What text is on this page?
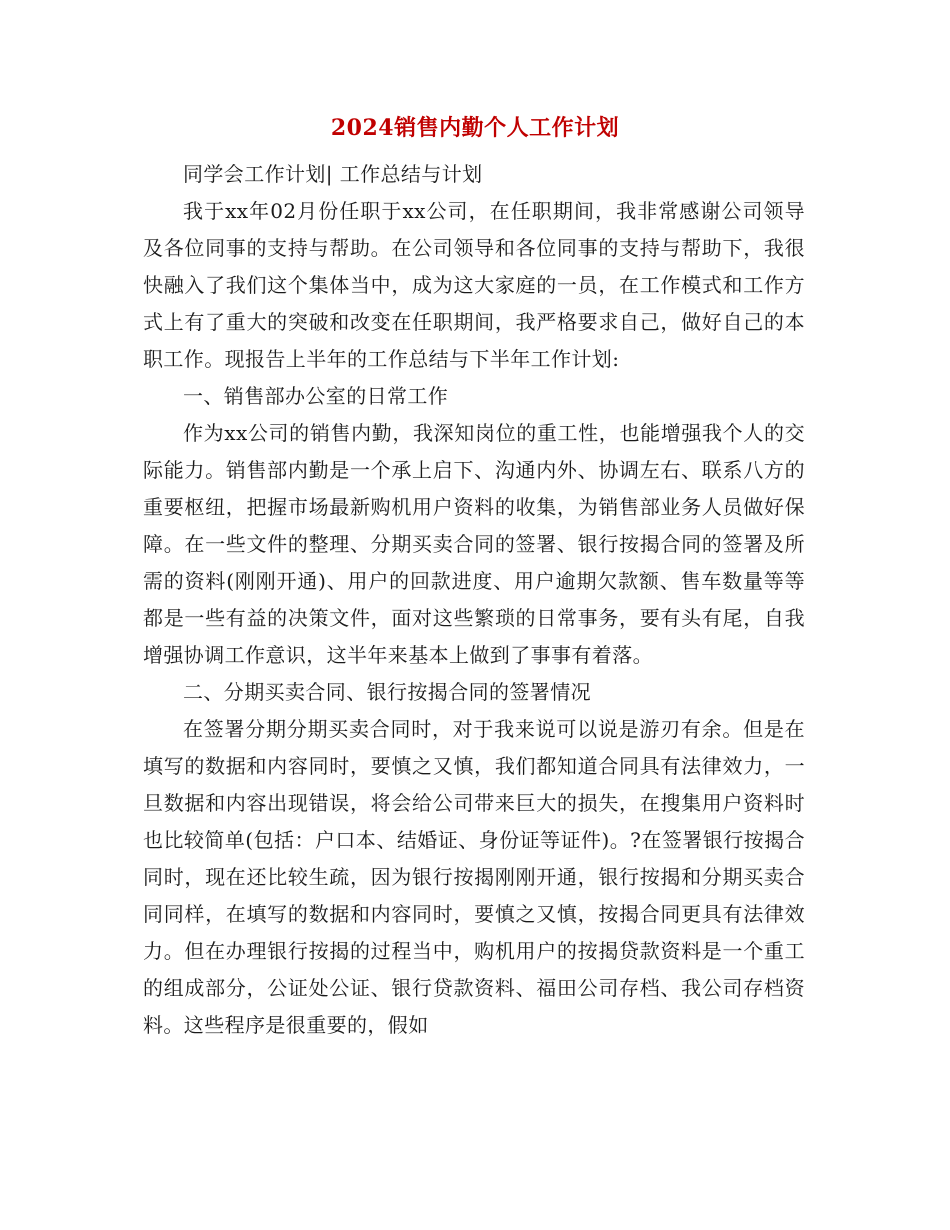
2024销售内勤个人工作计划

同学会工作计划| 工作总结与计划

我于xx年02月份任职于xx公司，在任职期间，我非常感谢公司领导及各位同事的支持与帮助。在公司领导和各位同事的支持与帮助下，我很快融入了我们这个集体当中，成为这大家庭的一员，在工作模式和工作方式上有了重大的突破和改变在任职期间，我严格要求自己，做好自己的本职工作。现报告上半年的工作总结与下半年工作计划:

一、销售部办公室的日常工作

作为xx公司的销售内勤，我深知岗位的重工性，也能增强我个人的交际能力。销售部内勤是一个承上启下、沟通内外、协调左右、联系八方的重要枢纽，把握市场最新购机用户资料的收集，为销售部业务人员做好保障。在一些文件的整理、分期买卖合同的签署、银行按揭合同的签署及所需的资料(刚刚开通)、用户的回款进度、用户逾期欠款额、售车数量等等都是一些有益的决策文件，面对这些繁琐的日常事务，要有头有尾，自我增强协调工作意识，这半年来基本上做到了事事有着落。

二、分期买卖合同、银行按揭合同的签署情况

在签署分期分期买卖合同时，对于我来说可以说是游刃有余。但是在填写的数据和内容同时，要慎之又慎，我们都知道合同具有法律效力，一旦数据和内容出现错误，将会给公司带来巨大的损失，在搜集用户资料时也比较简单(包括：户口本、结婚证、身份证等证件)。?在签署银行按揭合同时，现在还比较生疏，因为银行按揭刚刚开通，银行按揭和分期买卖合同同样，在填写的数据和内容同时，要慎之又慎，按揭合同更具有法律效力。但在办理银行按揭的过程当中，购机用户的按揭贷款资料是一个重工的组成部分，公证处公证、银行贷款资料、福田公司存档、我公司存档资料。这些程序是很重要的，假如
